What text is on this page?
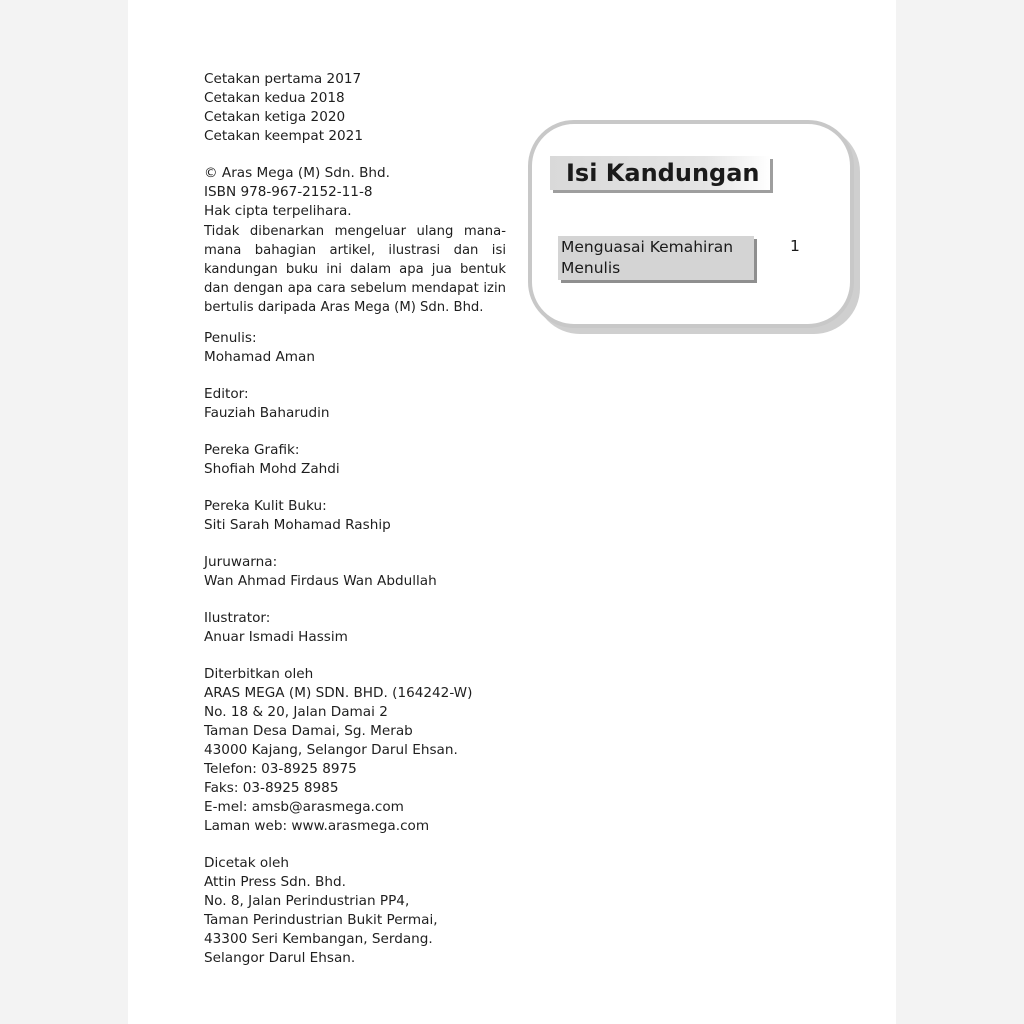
Cetakan pertama 2017
Cetakan kedua 2018
Cetakan ketiga 2020
Cetakan keempat 2021
© Aras Mega (M) Sdn. Bhd.
ISBN 978-967-2152-11-8
Hak cipta terpelihara.
Tidak dibenarkan mengeluar ulang mana-mana bahagian artikel, ilustrasi dan isi kandungan buku ini dalam apa jua bentuk dan dengan apa cara sebelum mendapat izin bertulis daripada Aras Mega (M) Sdn. Bhd.
Penulis:
Mohamad Aman
Editor:
Fauziah Baharudin
Pereka Grafik:
Shofiah Mohd Zahdi
Pereka Kulit Buku:
Siti Sarah Mohamad Raship
Juruwarna:
Wan Ahmad Firdaus Wan Abdullah
Ilustrator:
Anuar Ismadi Hassim
Diterbitkan oleh
ARAS MEGA (M) SDN. BHD. (164242-W)
No. 18 & 20, Jalan Damai 2
Taman Desa Damai, Sg. Merab
43000 Kajang, Selangor Darul Ehsan.
Telefon: 03-8925 8975
Faks: 03-8925 8985
E-mel: amsb@arasmega.com
Laman web: www.arasmega.com
Dicetak oleh
Attin Press Sdn. Bhd.
No. 8, Jalan Perindustrian PP4,
Taman Perindustrian Bukit Permai,
43300 Seri Kembangan, Serdang.
Selangor Darul Ehsan.
Isi Kandungan
Menguasai Kemahiran
Menulis
1
